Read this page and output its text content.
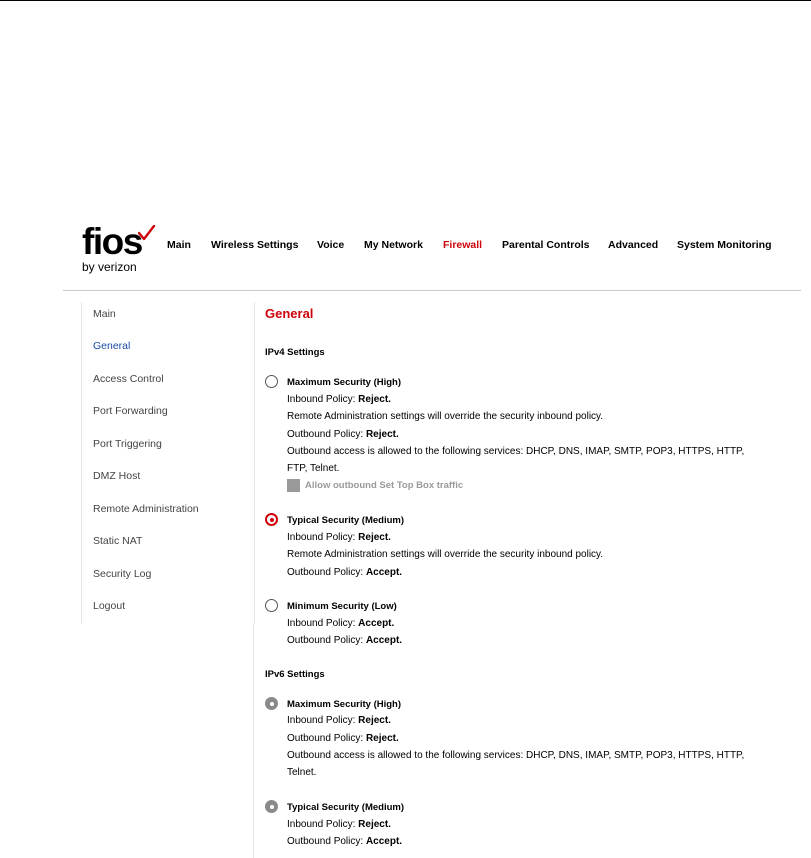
fios
by verizon
Main Wireless Settings Voice My Network Firewall Parental Controls Advanced System Monitoring
Main
General
Access Control
Port Forwarding
Port Triggering
DMZ Host
Remote Administration
Static NAT
Security Log
Logout
General
IPv4 Settings
Maximum Security (High)
Inbound Policy: Reject.
Remote Administration settings will override the security inbound policy.
Outbound Policy: Reject.
Outbound access is allowed to the following services: DHCP, DNS, IMAP, SMTP, POP3, HTTPS, HTTP,
FTP, Telnet.
Allow outbound Set Top Box traffic
Typical Security (Medium)
Inbound Policy: Reject.
Remote Administration settings will override the security inbound policy.
Outbound Policy: Accept.
Minimum Security (Low)
Inbound Policy: Accept.
Outbound Policy: Accept.
IPv6 Settings
Maximum Security (High)
Inbound Policy: Reject.
Outbound Policy: Reject.
Outbound access is allowed to the following services: DHCP, DNS, IMAP, SMTP, POP3, HTTPS, HTTP,
Telnet.
Typical Security (Medium)
Inbound Policy: Reject.
Outbound Policy: Accept.
